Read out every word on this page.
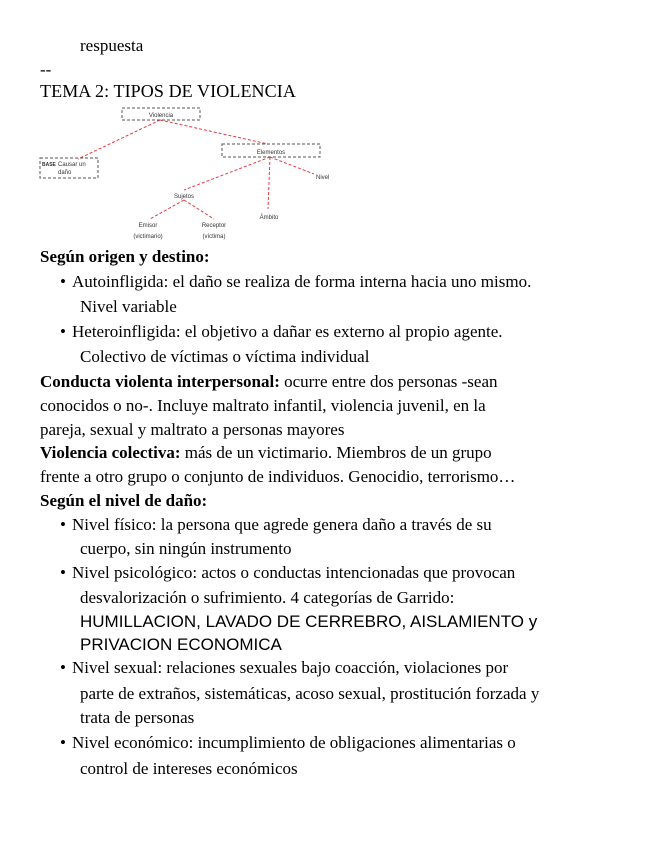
respuesta
--
TEMA 2: TIPOS DE VIOLENCIA
Violencia
BASE Causar un
daño
Elementos
Nivel
Sujetos
Ámbito
Emisor
(victimario)
Receptor
(víctima)
Según origen y destino:
• Autoinfligida: el daño se realiza de forma interna hacia uno mismo.
Nivel variable
• Heteroinfligida: el objetivo a dañar es externo al propio agente.
Colectivo de víctimas o víctima individual
Conducta violenta interpersonal: ocurre entre dos personas -sean
conocidos o no-. Incluye maltrato infantil, violencia juvenil, en la
pareja, sexual y maltrato a personas mayores
Violencia colectiva: más de un victimario. Miembros de un grupo
frente a otro grupo o conjunto de individuos. Genocidio, terrorismo…
Según el nivel de daño:
• Nivel físico: la persona que agrede genera daño a través de su
cuerpo, sin ningún instrumento
• Nivel psicológico: actos o conductas intencionadas que provocan
desvalorización o sufrimiento. 4 categorías de Garrido:
HUMILLACION, LAVADO DE CERREBRO, AISLAMIENTO y
PRIVACION ECONOMICA
• Nivel sexual: relaciones sexuales bajo coacción, violaciones por
parte de extraños, sistemáticas, acoso sexual, prostitución forzada y
trata de personas
• Nivel económico: incumplimiento de obligaciones alimentarias o
control de intereses económicos
